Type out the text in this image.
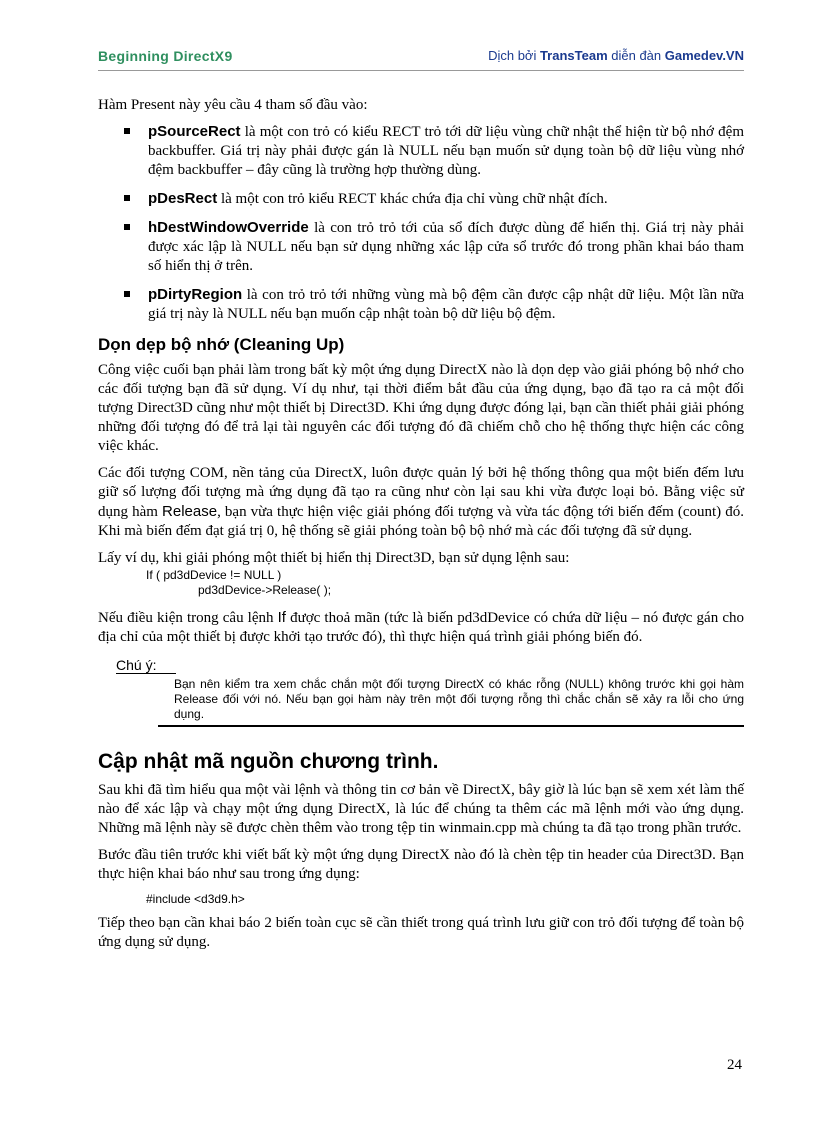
Beginning DirectX9	Dịch bởi TransTeam diễn đàn Gamedev.VN

Hàm Present này yêu cầu 4 tham số đầu vào:

pSourceRect là một con trỏ có kiểu RECT trỏ tới dữ liệu vùng chữ nhật thể hiện từ bộ nhớ đệm backbuffer. Giá trị này phải được gán là NULL nếu bạn muốn sử dụng toàn bộ dữ liệu vùng nhớ đệm backbuffer – đây cũng là trường hợp thường dùng.
pDesRect là một con trỏ kiểu RECT khác chứa địa chỉ vùng chữ nhật đích.
hDestWindowOverride là con trỏ trỏ tới của sổ đích được dùng để hiển thị. Giá trị này phải được xác lập là NULL nếu bạn sử dụng những xác lập cửa sổ trước đó trong phần khai báo tham số hiển thị ở trên.
pDirtyRegion là con trỏ trỏ tới những vùng mà bộ đệm cần được cập nhật dữ liệu. Một lần nữa giá trị này là NULL nếu bạn muốn cập nhật toàn bộ dữ liệu bộ đệm.
Dọn dẹp bộ nhớ (Cleaning Up)

Công việc cuối bạn phải làm trong bất kỳ một ứng dụng DirectX nào là dọn dẹp vào giải phóng bộ nhớ cho các đối tượng bạn đã sử dụng. Ví dụ như, tại thời điểm bắt đầu của ứng dụng, bạo đã tạo ra cả một đối tượng Direct3D cũng như một thiết bị Direct3D. Khi ứng dụng được đóng lại, bạn cần thiết phải giải phóng những đối tượng đó để trả lại tài nguyên các đối tượng đó đã chiếm chỗ cho hệ thống thực hiện các công việc khác.

Các đối tượng COM, nền tảng của DirectX, luôn được quản lý bởi hệ thống thông qua một biến đếm lưu giữ số lượng đối tượng mà ứng dụng đã tạo ra cũng như còn lại sau khi vừa được loại bỏ. Bằng việc sử dụng hàm Release, bạn vừa thực hiện việc giải phóng đối tượng và vừa tác động tới biến đếm (count) đó. Khi mà biến đếm đạt giá trị 0, hệ thống sẽ giải phóng toàn bộ bộ nhớ mà các đối tượng đã sử dụng.

Lấy ví dụ, khi giải phóng một thiết bị hiển thị Direct3D, bạn sử dụng lệnh sau:

If ( pd3dDevice != NULL )
pd3dDevice->Release( );

Nếu điều kiện trong câu lệnh If được thoả mãn (tức là biến pd3dDevice có chứa dữ liệu – nó được gán cho địa chỉ của một thiết bị được khởi tạo trước đó), thì thực hiện quá trình giải phóng biến đó.

Chú ý:
Bạn nên kiểm tra xem chắc chắn một đối tượng DirectX có khác rỗng (NULL) không trước khi gọi hàm Release đối với nó. Nếu bạn gọi hàm này trên một đối tượng rỗng thì chắc chắn sẽ xảy ra lỗi cho ứng dụng.
Cập nhật mã nguồn chương trình.

Sau khi đã tìm hiểu qua một vài lệnh và thông tin cơ bản về DirectX, bây giờ là lúc bạn sẽ xem xét làm thế nào để xác lập và chạy một ứng dụng DirectX, là lúc để chúng ta thêm các mã lệnh mới vào ứng dụng. Những mã lệnh này sẽ được chèn thêm vào trong tệp tin winmain.cpp mà chúng ta đã tạo trong phần trước.

Bước đầu tiên trước khi viết bất kỳ một ứng dụng DirectX nào đó là chèn tệp tin header của Direct3D. Bạn thực hiện khai báo như sau trong ứng dụng:

#include <d3d9.h>

Tiếp theo bạn cần khai báo 2 biến toàn cục sẽ cần thiết trong quá trình lưu giữ con trỏ đối tượng để toàn bộ ứng dụng sử dụng.

24
